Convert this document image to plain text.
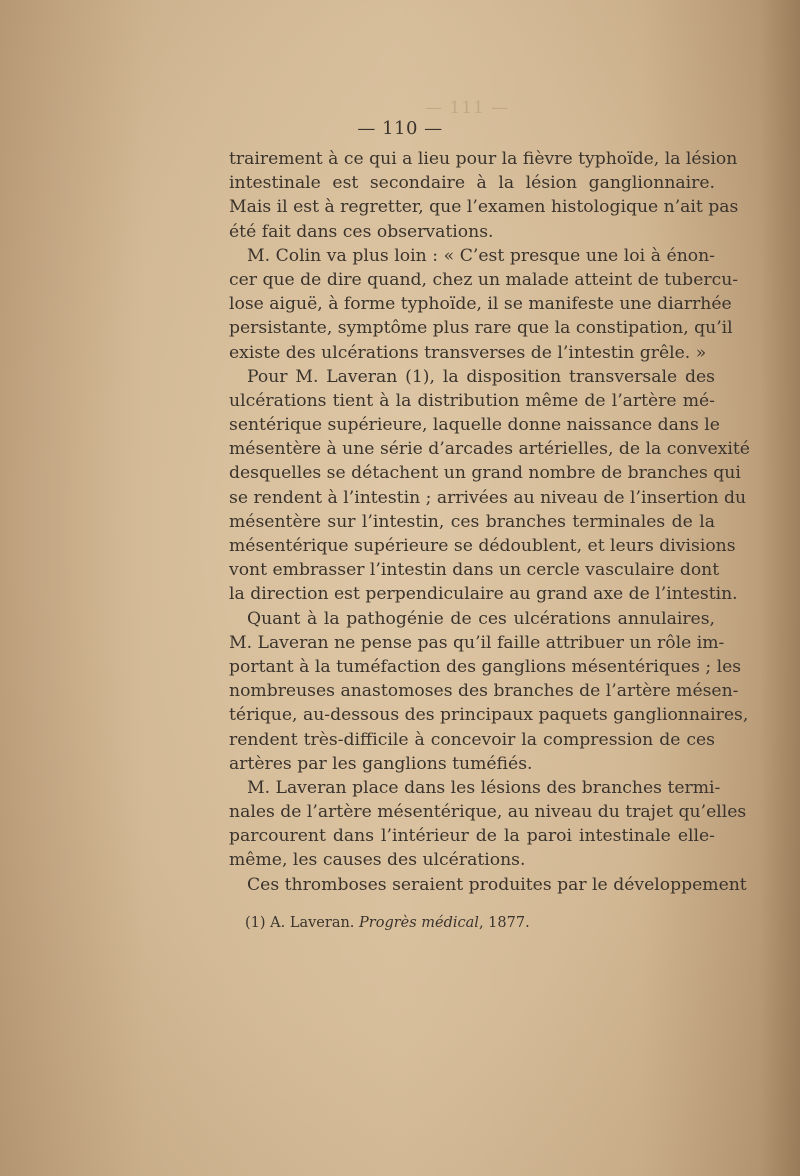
— 111 —
— 110 —
trairement à ce qui a lieu pour la fièvre typhoïde, la lésion
intestinale est secondaire à la lésion ganglionnaire.
Mais il est à regretter, que l’examen histologique n’ait pas
été fait dans ces observations.
M. Colin va plus loin : « C’est presque une loi à énon-
cer que de dire quand, chez un malade atteint de tubercu-
lose aiguë, à forme typhoïde, il se manifeste une diarrhée
persistante, symptôme plus rare que la constipation, qu’il
existe des ulcérations transverses de l’intestin grêle. »
Pour M. Laveran (1), la disposition transversale des
ulcérations tient à la distribution même de l’artère mé-
sentérique supérieure, laquelle donne naissance dans le
mésentère à une série d’arcades artérielles, de la convexité
desquelles se détachent un grand nombre de branches qui
se rendent à l’intestin ; arrivées au niveau de l’insertion du
mésentère sur l’intestin, ces branches terminales de la
mésentérique supérieure se dédoublent, et leurs divisions
vont embrasser l’intestin dans un cercle vasculaire dont
la direction est perpendiculaire au grand axe de l’intestin.
Quant à la pathogénie de ces ulcérations annulaires,
M. Laveran ne pense pas qu’il faille attribuer un rôle im-
portant à la tuméfaction des ganglions mésentériques ; les
nombreuses anastomoses des branches de l’artère mésen-
térique, au-dessous des principaux paquets ganglionnaires,
rendent très-difficile à concevoir la compression de ces
artères par les ganglions tuméfiés.
M. Laveran place dans les lésions des branches termi-
nales de l’artère mésentérique, au niveau du trajet qu’elles
parcourent dans l’intérieur de la paroi intestinale elle-
même, les causes des ulcérations.
Ces thromboses seraient produites par le développement
(1) A. Laveran. Progrès médical, 1877.
